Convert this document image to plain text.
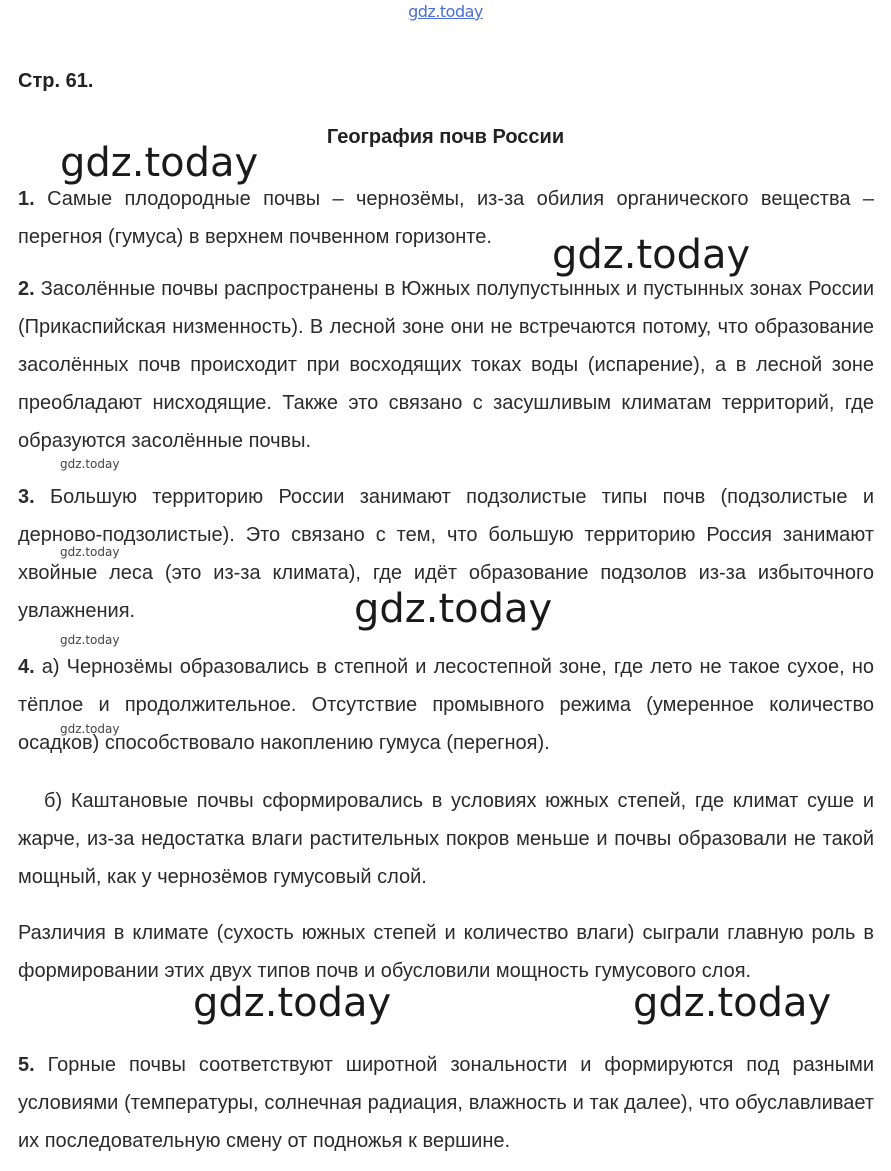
gdz.today
Стр. 61.
География почв России
1. Самые плодородные почвы – чернозёмы, из-за обилия органического вещества – перегноя (гумуса) в верхнем почвенном горизонте.
2. Засолённые почвы распространены в Южных полупустынных и пустынных зонах России (Прикаспийская низменность). В лесной зоне они не встречаются потому, что образование засолённых почв происходит при восходящих токах воды (испарение), а в лесной зоне преобладают нисходящие. Также это связано с засушливым климатам территорий, где образуются засолённые почвы.
3. Большую территорию России занимают подзолистые типы почв (подзолистые и дерново-подзолистые). Это связано с тем, что большую территорию Россия занимают хвойные леса (это из-за климата), где идёт образование подзолов из-за избыточного увлажнения.
4. а) Чернозёмы образовались в степной и лесостепной зоне, где лето не такое сухое, но тёплое и продолжительное. Отсутствие промывного режима (умеренное количество осадков) способствовало накоплению гумуса (перегноя).
б) Каштановые почвы сформировались в условиях южных степей, где климат суше и жарче, из-за недостатка влаги растительных покров меньше и почвы образовали не такой мощный, как у чернозёмов гумусовый слой.
Различия в климате (сухость южных степей и количество влаги) сыграли главную роль в формировании этих двух типов почв и обусловили мощность гумусового слоя.
5. Горные почвы соответствуют широтной зональности и формируются под разными условиями (температуры, солнечная радиация, влажность и так далее), что обуславливает их последовательную смену от подножья к вершине.
gdz.today
gdz.today
gdz.today
gdz.today	gdz.today
gdz.today
gdz.today
gdz.today
gdz.today
